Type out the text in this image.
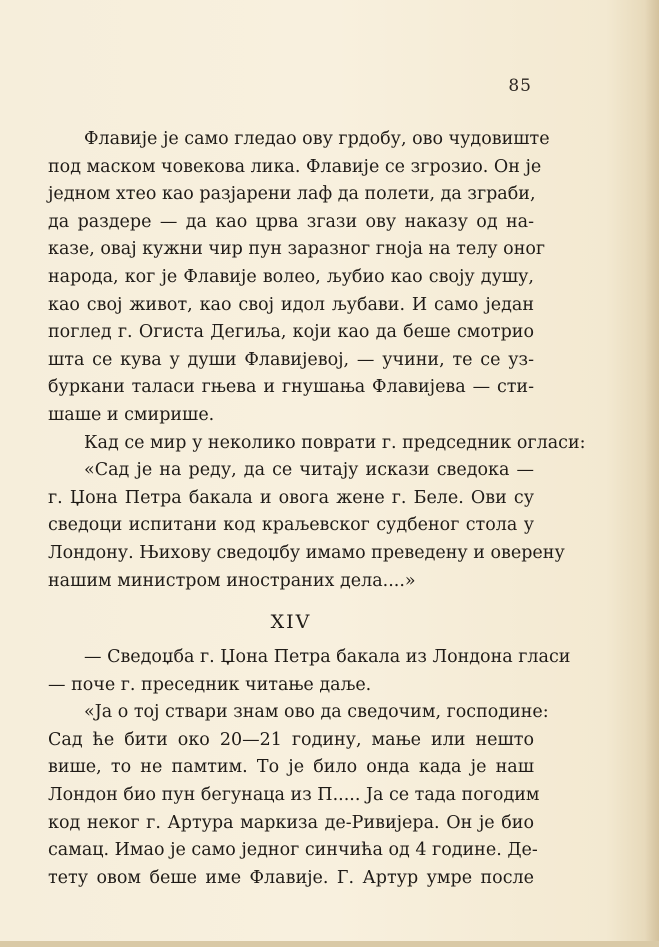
85
Флавије је само гледао ову грдобу, ово чудовиште
под маском човекова лика. Флавије се згрозио. Он је
једном хтео као разјарени лаф да полети, да зграби,
да раздере — да као црва згази ову наказу од на-
казе, овај кужни чир пун заразног гноја на телу оног
народа, ког је Флавије волео, љубио као своју душу,
као свој живот, као свој идол љубави. И само један
поглед г. Огиста Дегиља, који као да беше смотрио
шта се кува у души Флавијевој, — учини, те се уз-
буркани таласи гњева и гнушања Флавијева — сти-
шаше и смирише.
Кад се мир у неколико поврати г. председник огласи:
«Сад је на реду, да се читају искази сведока —
г. Џона Петра бакала и овога жене г. Беле. Ови су
сведоци испитани код краљевског судбеног стола у
Лондону. Њихову сведоџбу имамо преведену и оверену
нашим министром иностраних дела....»
XIV
— Сведоџба г. Џона Петра бакала из Лондона гласи
— поче г. пресeдник читање даље.
«Ја о тој ствари знам ово да сведочим, господине:
Сад ће бити око 20—21 годину, мање или нешто
више, то не памтим. То је било онда када је наш
Лондон био пун бегунаца из П..... Ја се тада погодим
код неког г. Артура маркиза де-Ривијера. Он је био
самац. Имао је само једног синчића од 4 године. Де-
тету овом беше име Флавије. Г. Артур умре после
